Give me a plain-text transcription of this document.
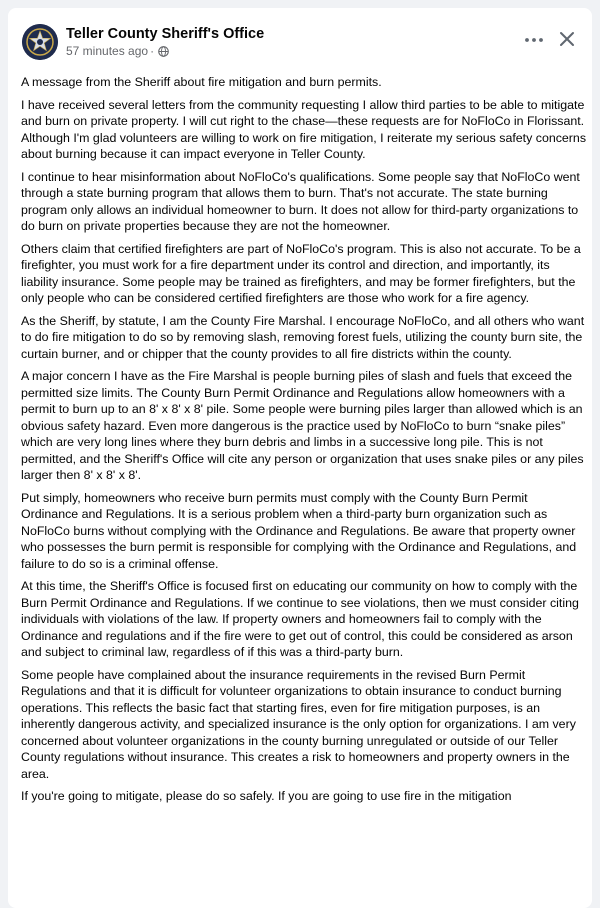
Teller County Sheriff's Office
57 minutes ago ·

A message from the Sheriff about fire mitigation and burn permits.

I have received several letters from the community requesting I allow third parties to be able to mitigate and burn on private property. I will cut right to the chase—these requests are for NoFloCo in Florissant. Although I'm glad volunteers are willing to work on fire mitigation, I reiterate my serious safety concerns about burning because it can impact everyone in Teller County.

I continue to hear misinformation about NoFloCo's qualifications. Some people say that NoFloCo went through a state burning program that allows them to burn. That's not accurate. The state burning program only allows an individual homeowner to burn. It does not allow for third-party organizations to do burn on private properties because they are not the homeowner.

Others claim that certified firefighters are part of NoFloCo's program. This is also not accurate. To be a firefighter, you must work for a fire department under its control and direction, and importantly, its liability insurance. Some people may be trained as firefighters, and may be former firefighters, but the only people who can be considered certified firefighters are those who work for a fire agency.

As the Sheriff, by statute, I am the County Fire Marshal. I encourage NoFloCo, and all others who want to do fire mitigation to do so by removing slash, removing forest fuels, utilizing the county burn site, the curtain burner, and or chipper that the county provides to all fire districts within the county.

A major concern I have as the Fire Marshal is people burning piles of slash and fuels that exceed the permitted size limits. The County Burn Permit Ordinance and Regulations allow homeowners with a permit to burn up to an 8' x 8' x 8' pile. Some people were burning piles larger than allowed which is an obvious safety hazard. Even more dangerous is the practice used by NoFloCo to burn “snake piles” which are very long lines where they burn debris and limbs in a successive long pile. This is not permitted, and the Sheriff's Office will cite any person or organization that uses snake piles or any piles larger then 8' x 8' x 8'.

Put simply, homeowners who receive burn permits must comply with the County Burn Permit Ordinance and Regulations. It is a serious problem when a third-party burn organization such as NoFloCo burns without complying with the Ordinance and Regulations. Be aware that property owner who possesses the burn permit is responsible for complying with the Ordinance and Regulations, and failure to do so is a criminal offense.

At this time, the Sheriff's Office is focused first on educating our community on how to comply with the Burn Permit Ordinance and Regulations. If we continue to see violations, then we must consider citing individuals with violations of the law. If property owners and homeowners fail to comply with the Ordinance and regulations and if the fire were to get out of control, this could be considered as arson and subject to criminal law, regardless of if this was a third-party burn.

Some people have complained about the insurance requirements in the revised Burn Permit Regulations and that it is difficult for volunteer organizations to obtain insurance to conduct burning operations. This reflects the basic fact that starting fires, even for fire mitigation purposes, is an inherently dangerous activity, and specialized insurance is the only option for organizations. I am very concerned about volunteer organizations in the county burning unregulated or outside of our Teller County regulations without insurance. This creates a risk to homeowners and property owners in the area.

If you're going to mitigate, please do so safely. If you are going to use fire in the mitigation
